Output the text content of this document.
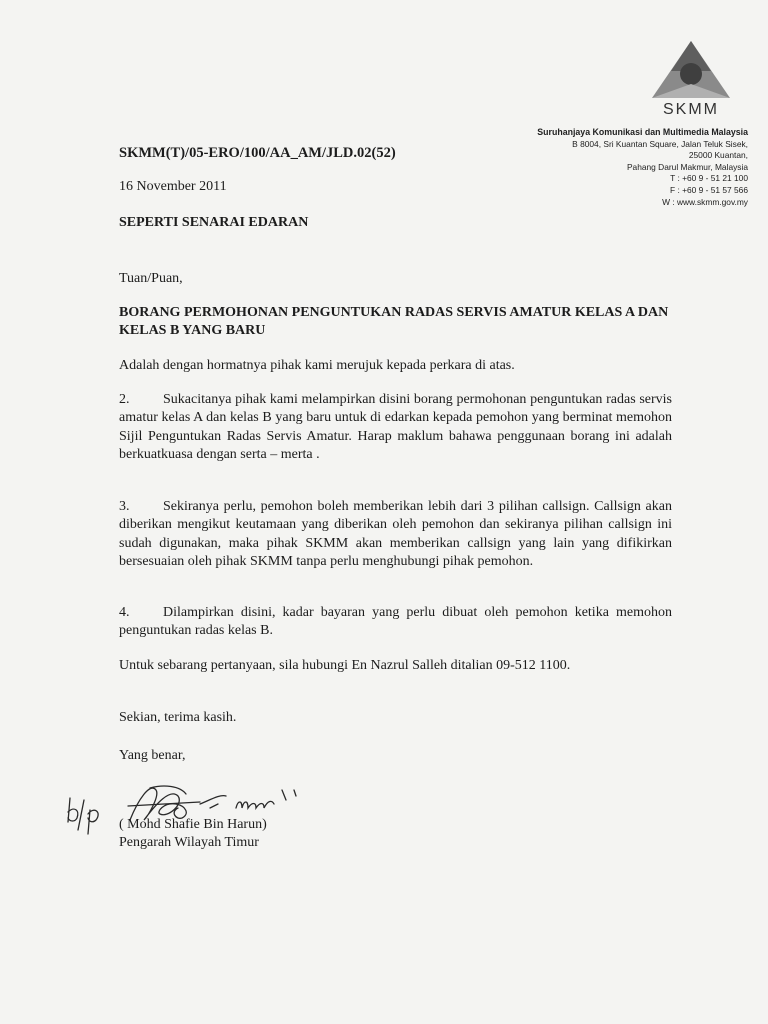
SKMM
Suruhanjaya Komunikasi dan Multimedia Malaysia
B 8004, Sri Kuantan Square, Jalan Teluk Sisek,
25000 Kuantan,
Pahang Darul Makmur, Malaysia
T : +60 9 - 51 21 100
F : +60 9 - 51 57 566
W : www.skmm.gov.my
SKMM(T)/05-ERO/100/AA_AM/JLD.02(52)
16 November 2011
SEPERTI SENARAI EDARAN
Tuan/Puan,
BORANG PERMOHONAN PENGUNTUKAN RADAS SERVIS AMATUR KELAS A DAN KELAS B YANG BARU
Adalah dengan hormatnya pihak kami merujuk kepada perkara di atas.
2. Sukacitanya pihak kami melampirkan disini borang permohonan penguntukan radas servis amatur kelas A dan kelas B yang baru untuk di edarkan kepada pemohon yang berminat memohon Sijil Penguntukan Radas Servis Amatur. Harap maklum bahawa penggunaan borang ini adalah berkuatkuasa dengan serta – merta .
3. Sekiranya perlu, pemohon boleh memberikan lebih dari 3 pilihan callsign. Callsign akan diberikan mengikut keutamaan yang diberikan oleh pemohon dan sekiranya pilihan callsign ini sudah digunakan, maka pihak SKMM akan memberikan callsign yang lain yang difikirkan bersesuaian oleh pihak SKMM tanpa perlu menghubungi pihak pemohon.
4. Dilampirkan disini, kadar bayaran yang perlu dibuat oleh pemohon ketika memohon penguntukan radas kelas B.
Untuk sebarang pertanyaan, sila hubungi En Nazrul Salleh ditalian 09-512 1100.
Sekian, terima kasih.
Yang benar,
( Mohd Shafie Bin Harun)
Pengarah Wilayah Timur
